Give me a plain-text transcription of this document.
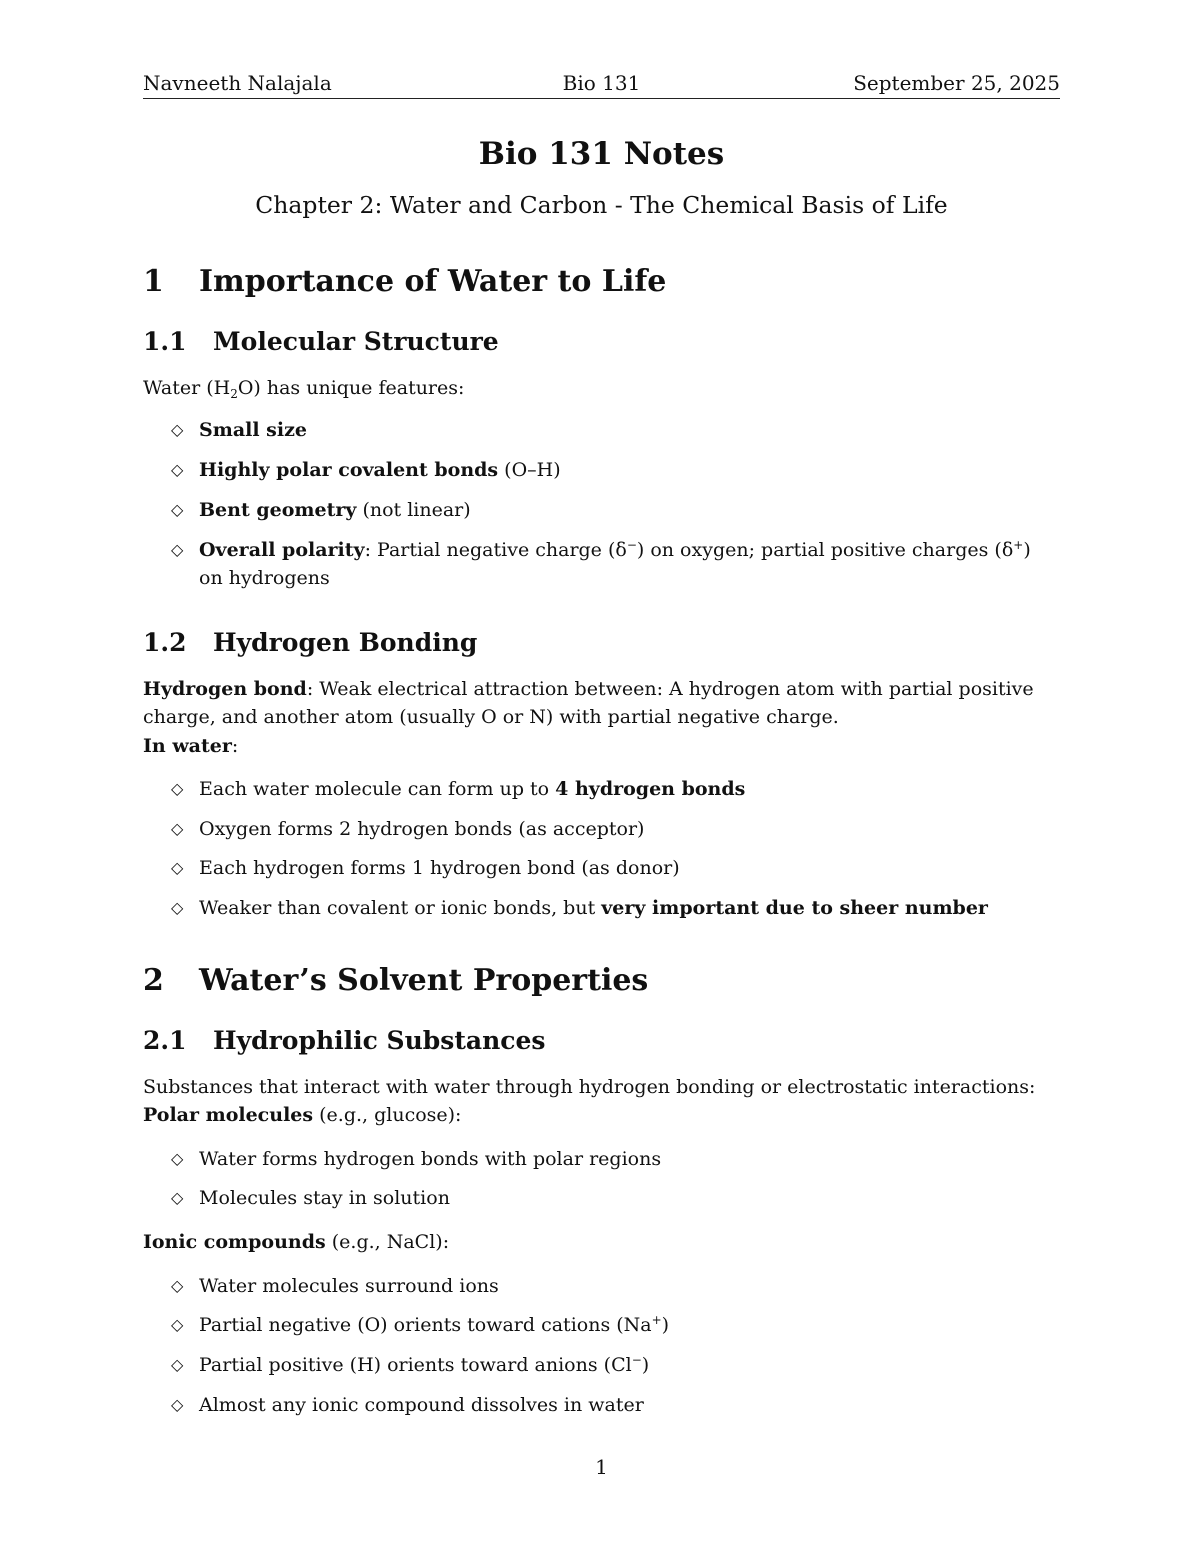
Navneeth Nalajala	Bio 131	September 25, 2025
Bio 131 Notes
Chapter 2: Water and Carbon - The Chemical Basis of Life
1 Importance of Water to Life
1.1 Molecular Structure
Water $(H_2O)$ has unique features:
◇ Small size
◇ Highly polar covalent bonds (O–H)
◇ Bent geometry (not linear)
◇ Overall polarity: Partial negative charge (δ−) on oxygen; partial positive charges (δ+) on hydrogens
1.2 Hydrogen Bonding
Hydrogen bond: Weak electrical attraction between: A hydrogen atom with partial positive charge, and another atom (usually O or N) with partial negative charge.
In water:
◇ Each water molecule can form up to 4 hydrogen bonds
◇ Oxygen forms 2 hydrogen bonds (as acceptor)
◇ Each hydrogen forms 1 hydrogen bond (as donor)
◇ Weaker than covalent or ionic bonds, but very important due to sheer number
2 Water’s Solvent Properties
2.1 Hydrophilic Substances
Substances that interact with water through hydrogen bonding or electrostatic interactions:
Polar molecules (e.g., glucose):
◇ Water forms hydrogen bonds with polar regions
◇ Molecules stay in solution
Ionic compounds (e.g., NaCl):
◇ Water molecules surround ions
◇ Partial negative (O) orients toward cations (Na+)
◇ Partial positive (H) orients toward anions (Cl−)
◇ Almost any ionic compound dissolves in water
1
